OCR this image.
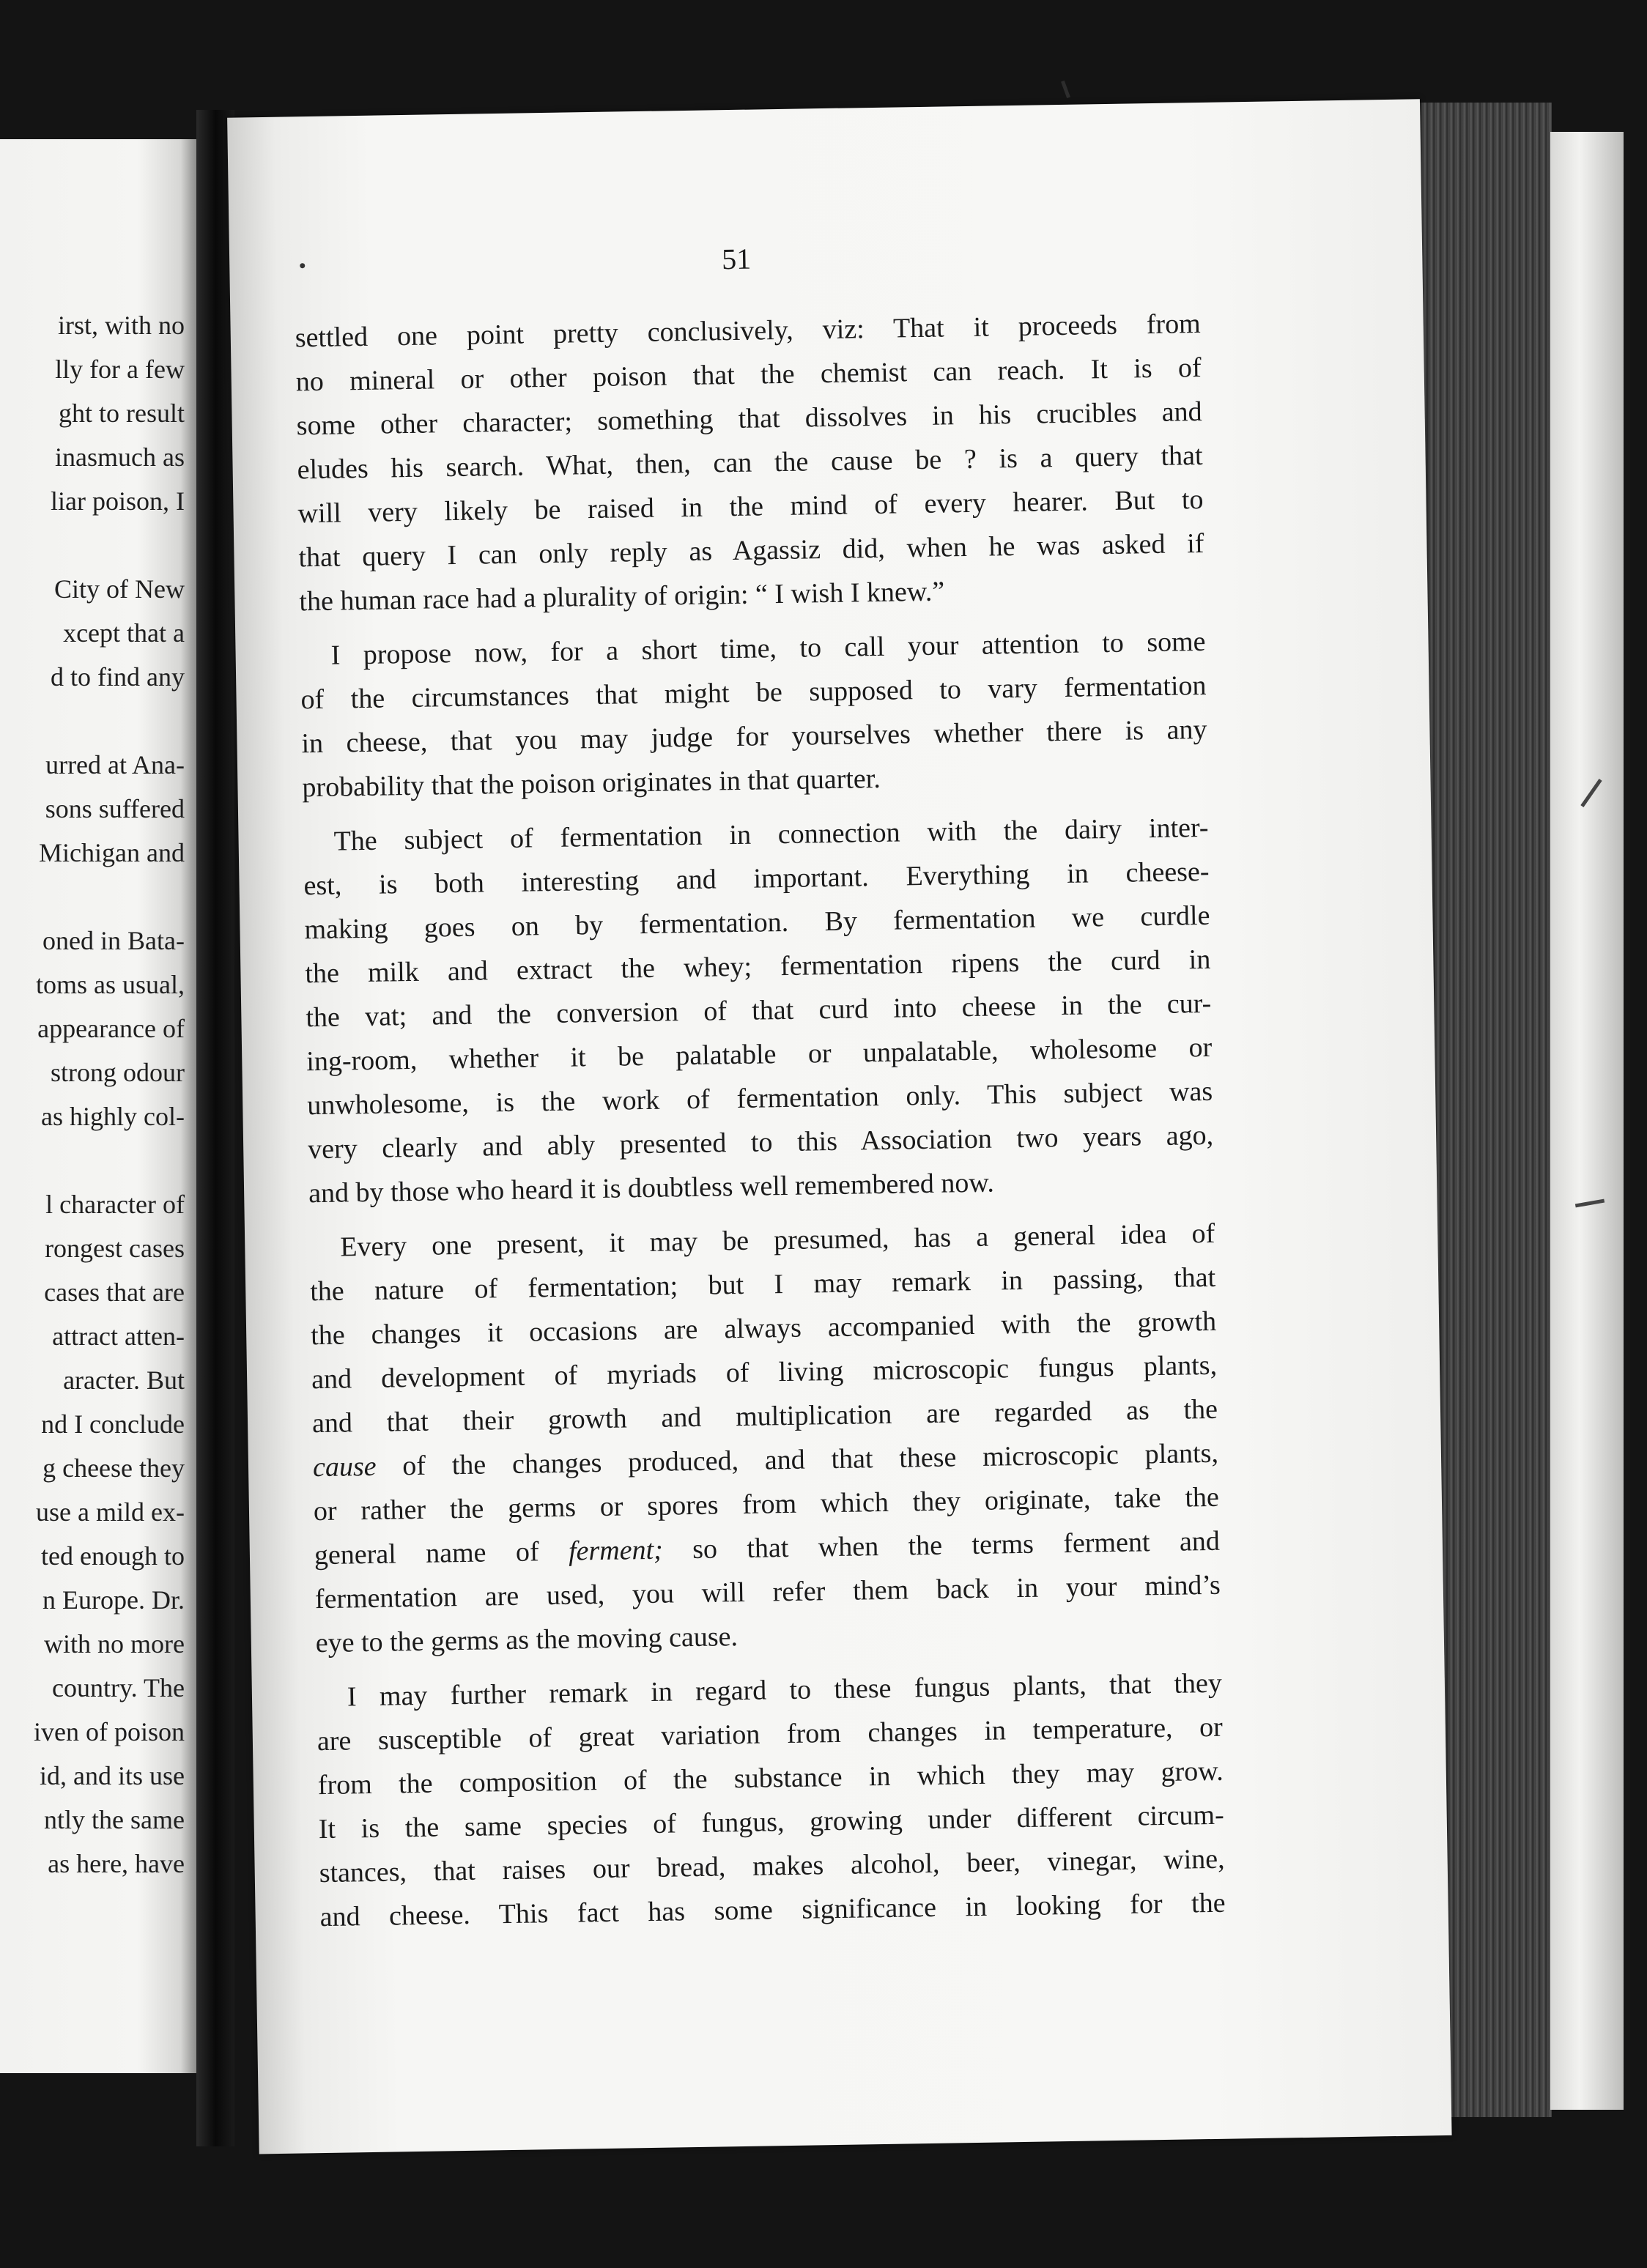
irst, with no
lly for a few
ght to result
inasmuch as
liar poison, I
City of New
xcept that a
d to find any
urred at Ana-
sons suffered
Michigan and
oned in Bata-
toms as usual,
appearance of
strong odour
as highly col-
l character of
rongest cases
cases that are
attract atten-
aracter. But
nd I conclude
g cheese they
use a mild ex-
ted enough to
n Europe. Dr.
with no more
country. The
iven of poison
id, and its use
ntly the same
as here, have
51
settled one point pretty conclusively, viz: That it proceeds from
no mineral or other poison that the chemist can reach. It is of
some other character; something that dissolves in his crucibles and
eludes his search. What, then, can the cause be ? is a query that
will very likely be raised in the mind of every hearer. But to
that query I can only reply as Agassiz did, when he was asked if
the human race had a plurality of origin: “ I wish I knew.”
I propose now, for a short time, to call your attention to some
of the circumstances that might be supposed to vary fermentation
in cheese, that you may judge for yourselves whether there is any
probability that the poison originates in that quarter.
The subject of fermentation in connection with the dairy inter-
est, is both interesting and important. Everything in cheese-
making goes on by fermentation. By fermentation we curdle
the milk and extract the whey; fermentation ripens the curd in
the vat; and the conversion of that curd into cheese in the cur-
ing-room, whether it be palatable or unpalatable, wholesome or
unwholesome, is the work of fermentation only. This subject was
very clearly and ably presented to this Association two years ago,
and by those who heard it is doubtless well remembered now.
Every one present, it may be presumed, has a general idea of
the nature of fermentation; but I may remark in passing, that
the changes it occasions are always accompanied with the growth
and development of myriads of living microscopic fungus plants,
and that their growth and multiplication are regarded as the
cause of the changes produced, and that these microscopic plants,
or rather the germs or spores from which they originate, take the
general name of ferment; so that when the terms ferment and
fermentation are used, you will refer them back in your mind’s
eye to the germs as the moving cause.
I may further remark in regard to these fungus plants, that they
are susceptible of great variation from changes in temperature, or
from the composition of the substance in which they may grow.
It is the same species of fungus, growing under different circum-
stances, that raises our bread, makes alcohol, beer, vinegar, wine,
and cheese. This fact has some significance in looking for the
